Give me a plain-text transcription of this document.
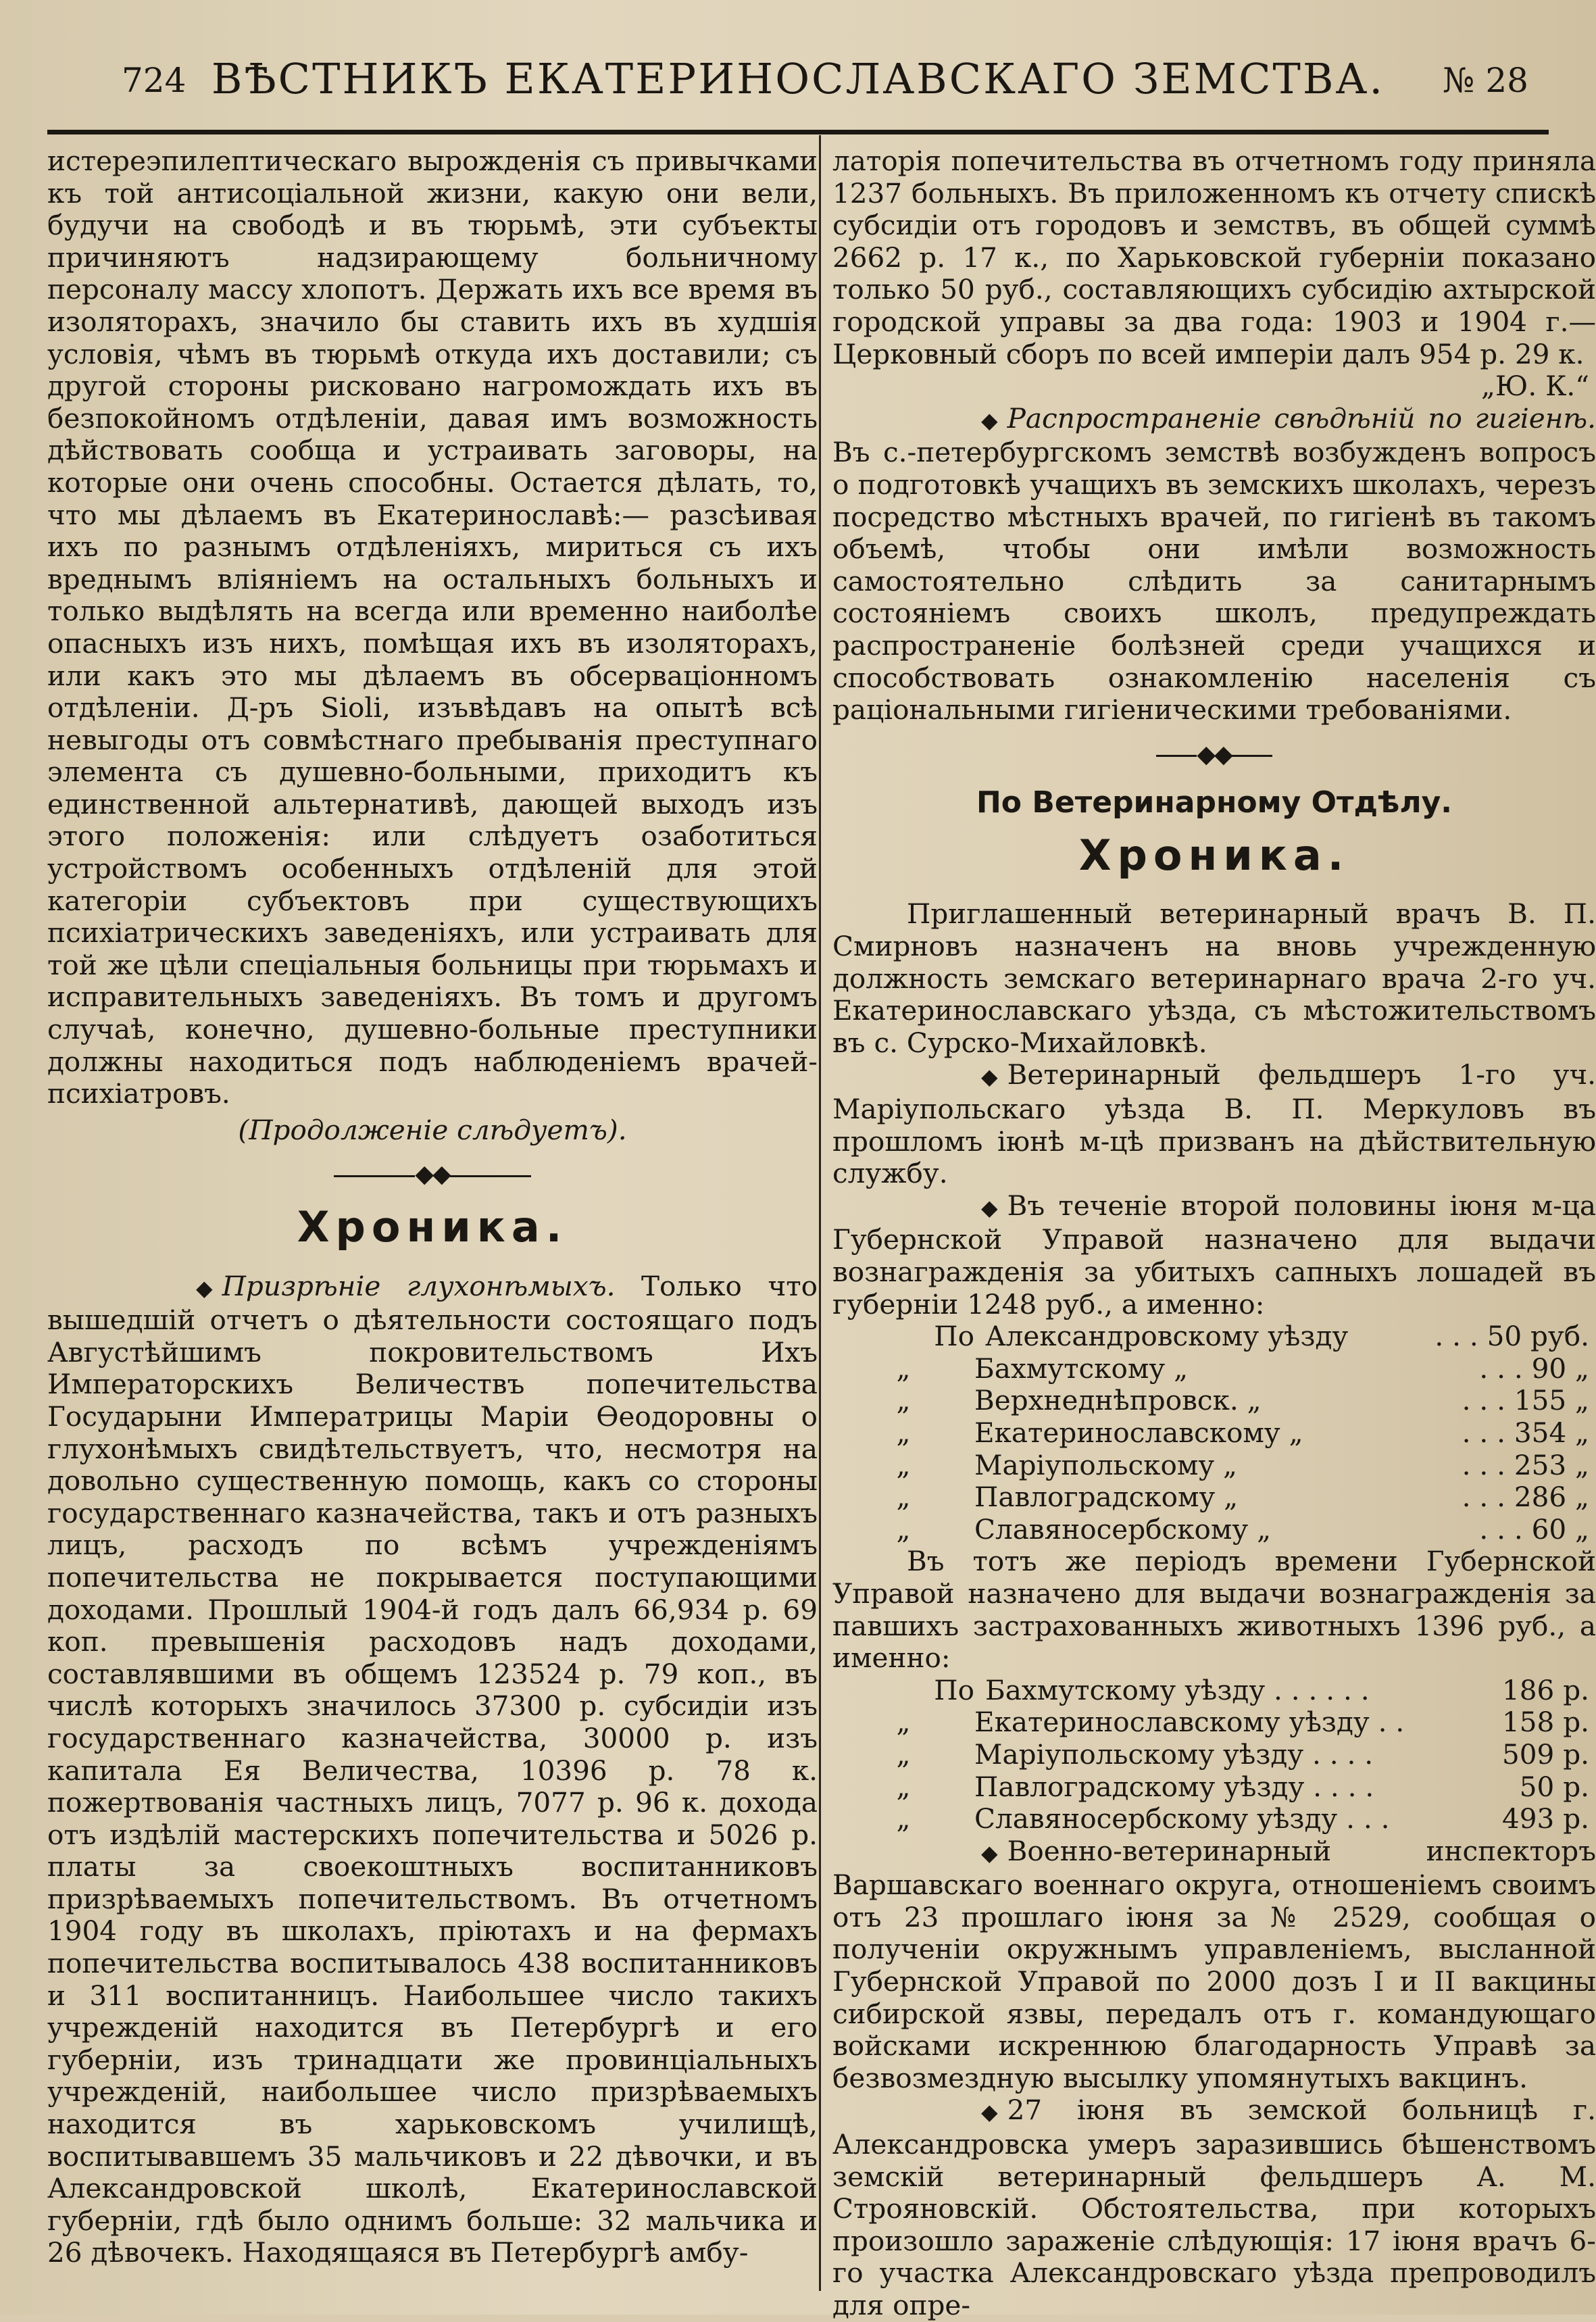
724 ВѢСТНИКЪ ЕКАТЕРИНОСЛАВСКАГО ЗЕМСТВА.	№ 28

истереэпилептическаго вырожденія съ привычками къ той антисоціальной жизни, какую они вели, будучи на свободѣ и въ тюрьмѣ, эти субъекты причиняютъ надзирающему больничному персоналу массу хлопотъ. Держать ихъ все время въ изоляторахъ, значило бы ставить ихъ въ худшія условія, чѣмъ въ тюрьмѣ откуда ихъ доставили; съ другой стороны рисковано нагромождать ихъ въ безпокойномъ отдѣленіи, давая имъ возможность дѣйствовать сообща и устраивать заговоры, на которые они очень способны. Остается дѣлать, то, что мы дѣлаемъ въ Екатеринославѣ:— разсѣивая ихъ по разнымъ отдѣленіяхъ, мириться съ ихъ вреднымъ вліяніемъ на остальныхъ больныхъ и только выдѣлять на всегда или временно наиболѣе опасныхъ изъ нихъ, помѣщая ихъ въ изоляторахъ, или какъ это мы дѣлаемъ въ обсерваціонномъ отдѣленіи. Д-ръ Sioli, изъвѣдавъ на опытѣ всѣ невыгоды отъ совмѣстнаго пребыванія преступнаго элемента съ душевно-больными, приходитъ къ единственной альтернативѣ, дающей выходъ изъ этого положенія: или слѣдуетъ озаботиться устройствомъ особенныхъ отдѣленій для этой категоріи субъектовъ при существующихъ психіатрическихъ заведеніяхъ, или устраивать для той же цѣли спеціальныя больницы при тюрьмахъ и исправительныхъ заведеніяхъ. Въ томъ и другомъ случаѣ, конечно, душевно-больные преступники должны находиться подъ наблюденіемъ врачей-психіатровъ.

(Продолженіе слѣдуетъ).

◆◆
Хроника.

◆ Призрѣніе глухонѣмыхъ. Только что вышедшій отчетъ о дѣятельности состоящаго подъ Августѣйшимъ покровительствомъ Ихъ Императорскихъ Величествъ попечительства Государыни Императрицы Маріи Ѳеодоровны о глухонѣмыхъ свидѣтельствуетъ, что, несмотря на довольно существенную помощь, какъ со стороны государственнаго казначейства, такъ и отъ разныхъ лицъ, расходъ по всѣмъ учрежденіямъ попечительства не покрывается поступающими доходами. Прошлый 1904-й годъ далъ 66,934 р. 69 коп. превышенія расходовъ надъ доходами, составлявшими въ общемъ 123524 р. 79 коп., въ числѣ которыхъ значилось 37300 р. субсидіи изъ государственнаго казначейства, 30000 р. изъ капитала Ея Величества, 10396 р. 78 к. пожертвованія частныхъ лицъ, 7077 р. 96 к. дохода отъ издѣлій мастерскихъ попечительства и 5026 р. платы за своекоштныхъ воспитанниковъ призрѣваемыхъ попечительствомъ. Въ отчетномъ 1904 году въ школахъ, пріютахъ и на фермахъ попечительства воспитывалось 438 воспитанниковъ и 311 воспитанницъ. Наибольшее число такихъ учрежденій находится въ Петербургѣ и его губерніи, изъ тринадцати же провинціальныхъ учрежденій, наибольшее число призрѣваемыхъ находится въ харьковскомъ училищѣ, воспитывавшемъ 35 мальчиковъ и 22 дѣвочки, и въ Александровской школѣ, Екатеринославской губерніи, гдѣ было однимъ больше: 32 мальчика и 26 дѣвочекъ. Находящаяся въ Петербургѣ амбу-

латорія попечительства въ отчетномъ году приняла 1237 больныхъ. Въ приложенномъ къ отчету спискѣ субсидіи отъ городовъ и земствъ, въ общей суммѣ 2662 р. 17 к., по Харьковской губерніи показано только 50 руб., составляющихъ субсидію ахтырской городской управы за два года: 1903 и 1904 г.—Церковный сборъ по всей имперіи далъ 954 р. 29 к.
„Ю. К.“

◆ Распространеніе свѣдѣній по гигіенѣ. Въ с.-петербургскомъ земствѣ возбужденъ вопросъ о подготовкѣ учащихъ въ земскихъ школахъ, черезъ посредство мѣстныхъ врачей, по гигіенѣ въ такомъ объемѣ, чтобы они имѣли возможность самостоятельно слѣдить за санитарнымъ состояніемъ своихъ школъ, предупреждать распространеніе болѣзней среди учащихся и способствовать ознакомленію населенія съ раціональными гигіеническими требованіями.

◆◆
По Ветеринарному Отдѣлу.
Хроника.

Приглашенный ветеринарный врачъ В. П. Смирновъ назначенъ на вновь учрежденную должность земскаго ветеринарнаго врача 2-го уч. Екатеринославскаго уѣзда, съ мѣстожительствомъ въ с. Сурско-Михайловкѣ.

◆ Ветеринарный фельдшеръ 1-го уч. Маріупольскаго уѣзда В. П. Меркуловъ въ прошломъ іюнѣ м-цѣ призванъ на дѣйствительную службу.

◆ Въ теченіе второй половины іюня м-ца Губернской Управой назначено для выдачи вознагражденія за убитыхъ сапныхъ лошадей въ губерніи 1248 руб., а именно:

По Александровскому уѣзду	. . . 50 руб.
„	Бахмутскому „	. . . 90 „
„	Верхнеднѣпровск. „	. . . 155 „
„	Екатеринославскому „	. . . 354 „
„	Маріупольскому „	. . . 253 „
„	Павлоградскому „	. . . 286 „
„	Славяносербскому „	. . . 60 „

Въ тотъ же періодъ времени Губернской Управой назначено для выдачи вознагражденія за павшихъ застрахованныхъ животныхъ 1396 руб., а именно:

По Бахмутскому уѣзду . . . . . .	186 р.
„	Екатеринославскому уѣзду . .	158 р.
„	Маріупольскому уѣзду . . . .	509 р.
„	Павлоградскому уѣзду . . . .	50 р.
„	Славяносербскому уѣзду . . .	493 р.

◆ Военно-ветеринарный инспекторъ Варшавскаго военнаго округа, отношеніемъ своимъ отъ 23 прошлаго іюня за № 2529, сообщая о полученіи окружнымъ управленіемъ, высланной Губернской Управой по 2000 дозъ I и II вакцины сибирской язвы, передалъ отъ г. командующаго войсками искреннюю благодарность Управѣ за безвозмездную высылку упомянутыхъ вакцинъ.

◆ 27 іюня въ земской больницѣ г. Александровска умеръ заразившись бѣшенствомъ земскій ветеринарный фельдшеръ А. М. Строяновскій. Обстоятельства, при которыхъ произошло зараженіе слѣдующія: 17 іюня врачъ 6-го участка Александровскаго уѣзда препроводилъ для опре-
